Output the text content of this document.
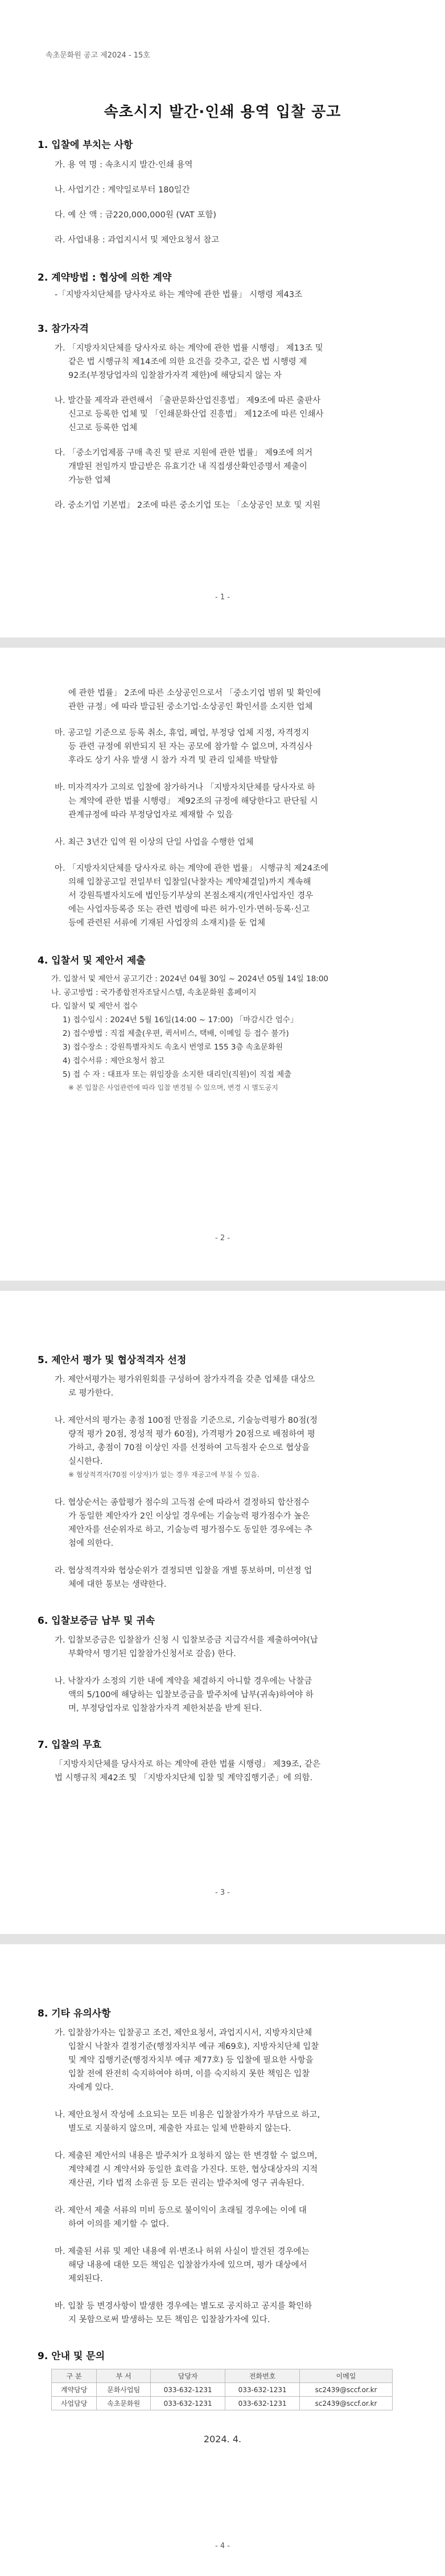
속초문화원 공고 제2024 - 15호
속초시지 발간·인쇄 용역 입찰 공고
1. 입찰에 부치는 사항
가. 용 역 명 : 속초시지 발간·인쇄 용역
나. 사업기간 : 계약일로부터 180일간
다. 예 산 액 : 금220,000,000원 (VAT 포함)
라. 사업내용 : 과업지시서 및 제안요청서 참고
2. 계약방법 : 협상에 의한 계약
-「지방자치단체를 당사자로 하는 계약에 관한 법률」 시행령 제43조
3. 참가자격
가. 「지방자치단체를 당사자로 하는 계약에 관한 법률 시행령」 제13조 및
같은 법 시행규칙 제14조에 의한 요건을 갖추고, 같은 법 시행령 제
92조(부정당업자의 입찰참가자격 제한)에 해당되지 않는 자
나. 발간물 제작과 관련해서 「출판문화산업진흥법」 제9조에 따른 출판사
신고로 등록한 업체 및 「인쇄문화산업 진흥법」 제12조에 따른 인쇄사
신고로 등록한 업체
다. 「중소기업제품 구매 촉진 및 판로 지원에 관한 법률」 제9조에 의거
개발된 전임까지 발급받은 유효기간 내 직접생산확인증명서 제출이
가능한 업체
라. 중소기업 기본법」 2조에 따른 중소기업 또는 「소상공인 보호 및 지원
- 1 -
에 관한 법률」 2조에 따른 소상공인으로서 「중소기업 범위 및 확인에
관한 규정」에 따라 발급된 중소기업·소상공인 확인서를 소지한 업체
마. 공고일 기준으로 등록 취소, 휴업, 폐업, 부정당 업체 지정, 자격정지
등 관련 규정에 위반되지 된 자는 공모에 참가할 수 없으며, 자격심사
후라도 상기 사유 발생 시 참가 자격 및 관리 일체를 박탈함
바. 미자격자가 고의로 입찰에 참가하거나 「지방자치단체를 당사자로 하
는 계약에 관한 법률 시행령」 제92조의 규정에 해당한다고 판단될 시
관계규정에 따라 부정당업자로 제재할 수 있음
사. 최근 3년간 입역 원 이상의 단일 사업을 수행한 업체
아. 「지방자치단체를 당사자로 하는 계약에 관한 법률」 시행규칙 제24조에
의해 입찰공고일 전일부터 입찰일(낙찰자는 계약체결일)까지 계속해
서 강원특별자치도에 법인등기부상의 본점소재지(개인사업자인 경우
에는 사업자등록증 또는 관련 법령에 따른 허가·인가·면허·등록·신고
등에 관련된 서류에 기재된 사업장의 소재지)를 둔 업체
4. 입찰서 및 제안서 제출
가. 입찰서 및 제안서 공고기간 : 2024년 04월 30일 ~ 2024년 05월 14일 18:00
나. 공고방법 : 국가종합전자조달시스템, 속초문화원 홈페이지
다. 입찰서 및 제안서 접수
1) 접수일시 : 2024년 5월 16일(14:00 ~ 17:00) 「마감시간 엄수」
2) 접수방법 : 직접 제출(우편, 퀵서비스, 택배, 이메일 등 접수 불가)
3) 접수장소 : 강원특별자치도 속초시 번영로 155 3층 속초문화원
4) 접수서류 : 제안요청서 참고
5) 접 수 자 : 대표자 또는 위임장을 소지한 대리인(직원)이 직접 제출
※ 본 입찰은 사업관련에 따라 입찰 변경될 수 있으며, 변경 시 별도공지
- 2 -
5. 제안서 평가 및 협상적격자 선정
가. 제안서평가는 평가위원회를 구성하여 참가자격을 갖춘 업체를 대상으
로 평가한다.
나. 제안서의 평가는 총점 100점 만점을 기준으로, 기술능력평가 80점(정
량적 평가 20점, 정성적 평가 60점), 가격평가 20점으로 배점하여 평
가하고, 총점이 70점 이상인 자를 선정하여 고득점자 순으로 협상을
실시한다.
※ 협상적격자(70점 이상자)가 없는 경우 재공고에 부칠 수 있음.
다. 협상순서는 종합평가 점수의 고득점 순에 따라서 결정하되 합산점수
가 동일한 제안자가 2인 이상일 경우에는 기술능력 평가점수가 높은
제안자를 선순위자로 하고, 기술능력 평가점수도 동일한 경우에는 추
첨에 의한다.
라. 협상적격자와 협상순위가 결정되면 입찰을 개별 통보하며, 미선정 업
체에 대한 통보는 생략한다.
6. 입찰보증금 납부 및 귀속
가. 입찰보증금은 입찰참가 신청 시 입찰보증금 지급각서를 제출하여야(납
부확약서 명기된 입찰참가신청서로 갈음) 한다.
나. 낙찰자가 소정의 기한 내에 계약을 체결하지 아니할 경우에는 낙찰금
액의 5/100에 해당하는 입찰보증금을 발주처에 납부(귀속)하여야 하
며, 부정당업자로 입찰참가자격 제한처분을 받게 된다.
7. 입찰의 무효
「지방자치단체를 당사자로 하는 계약에 관한 법률 시행령」 제39조, 같은
법 시행규칙 제42조 및 「지방자치단체 입찰 및 계약집행기준」에 의함.
- 3 -
8. 기타 유의사항
가. 입찰참가자는 입찰공고 조건, 제안요청서, 과업지시서, 지방자치단체
입찰시 낙찰자 결정기준(행정자치부 예규 제69호), 지방자치단체 입찰
및 계약 집행기준(행정자치부 예규 제77호) 등 입찰에 필요한 사항을
입찰 전에 완전히 숙지하여야 하며, 이를 숙지하지 못한 책임은 입찰
자에게 있다.
나. 제안요청서 작성에 소요되는 모든 비용은 입찰참가자가 부담으로 하고,
별도로 지불하지 않으며, 제출한 자료는 일체 반환하지 않는다.
다. 제출된 제안서의 내용은 발주처가 요청하지 않는 한 변경할 수 없으며,
계약체결 시 계약서와 동일한 효력을 가진다. 또한, 협상대상자의 지적
재산권, 기타 법적 소유권 등 모든 권리는 발주처에 영구 귀속된다.
라. 제안서 제출 서류의 미비 등으로 불이익이 초래될 경우에는 이에 대
하여 이의를 제기할 수 없다.
마. 제출된 서류 및 제안 내용에 위·변조나 허위 사실이 발견된 경우에는
해당 내용에 대한 모든 책임은 입찰참가자에 있으며, 평가 대상에서
제외된다.
바. 입찰 등 변경사항이 발생한 경우에는 별도로 공지하고 공지를 확인하
지 못함으로써 발생하는 모든 책임은 입찰참가자에 있다.
9. 안내 및 문의
구 분	부 서	담당자	전화번호	이메일
계약담당	문화사업팀	033-632-1231	033-632-1231	sc2439@sccf.or.kr
사업담당	속초문화원	033-632-1231	033-632-1231	sc2439@sccf.or.kr
2024. 4.
- 4 -
